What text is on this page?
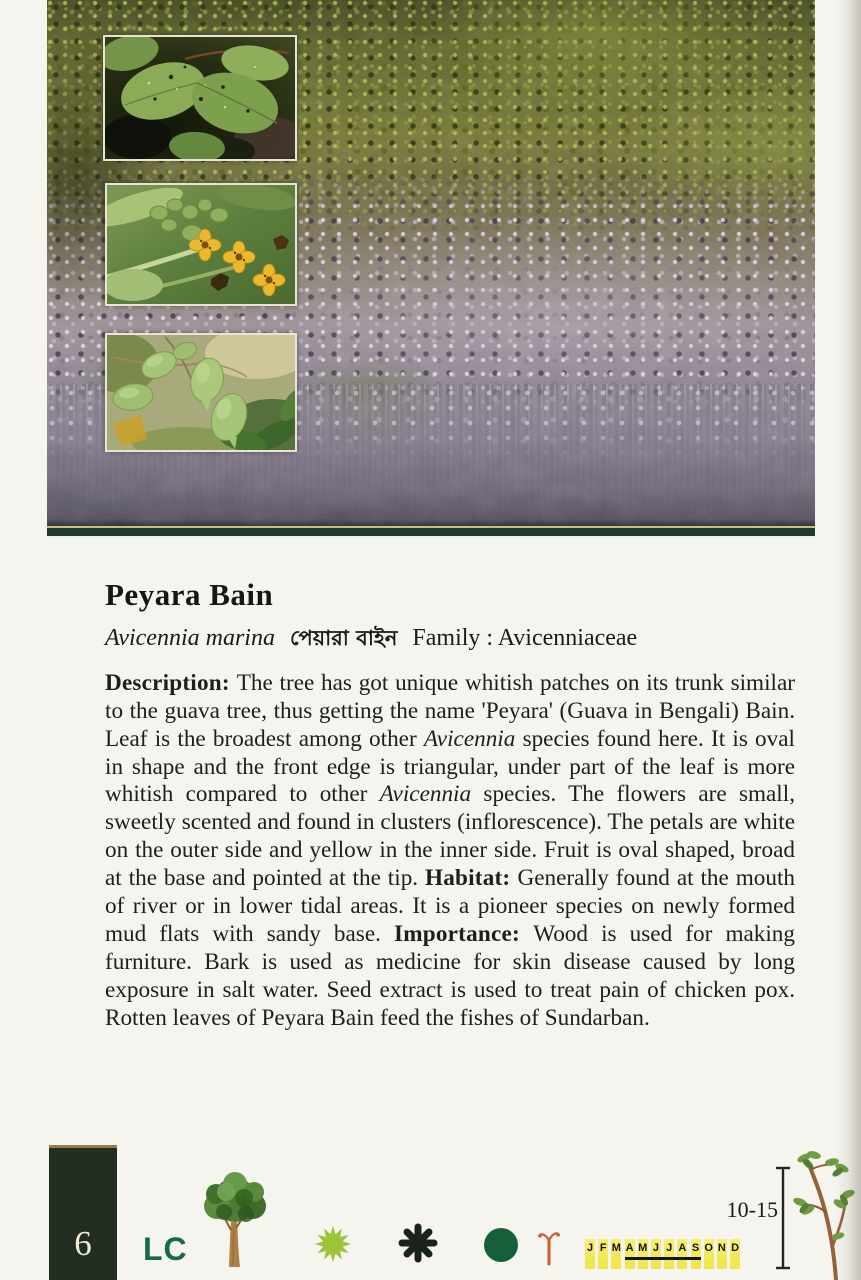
Peyara Bain
Avicennia marina পেয়ারা বাইন Family : Avicenniaceae

Description: The tree has got unique whitish patches on its trunk similar to the guava tree, thus getting the name 'Peyara' (Guava in Bengali) Bain. Leaf is the broadest among other Avicennia species found here. It is oval in shape and the front edge is triangular, under part of the leaf is more whitish compared to other Avicennia species. The flowers are small, sweetly scented and found in clusters (inflorescence). The petals are white on the outer side and yellow in the inner side. Fruit is oval shaped, broad at the base and pointed at the tip. Habitat: Generally found at the mouth of river or in lower tidal areas. It is a pioneer species on newly formed mud flats with sandy base. Importance: Wood is used for making furniture. Bark is used as medicine for skin disease caused by long exposure in salt water. Seed extract is used to treat pain of chicken pox. Rotten leaves of Peyara Bain feed the fishes of Sundarban.

6 LC	J F M A M J J A S O N D
10-15
